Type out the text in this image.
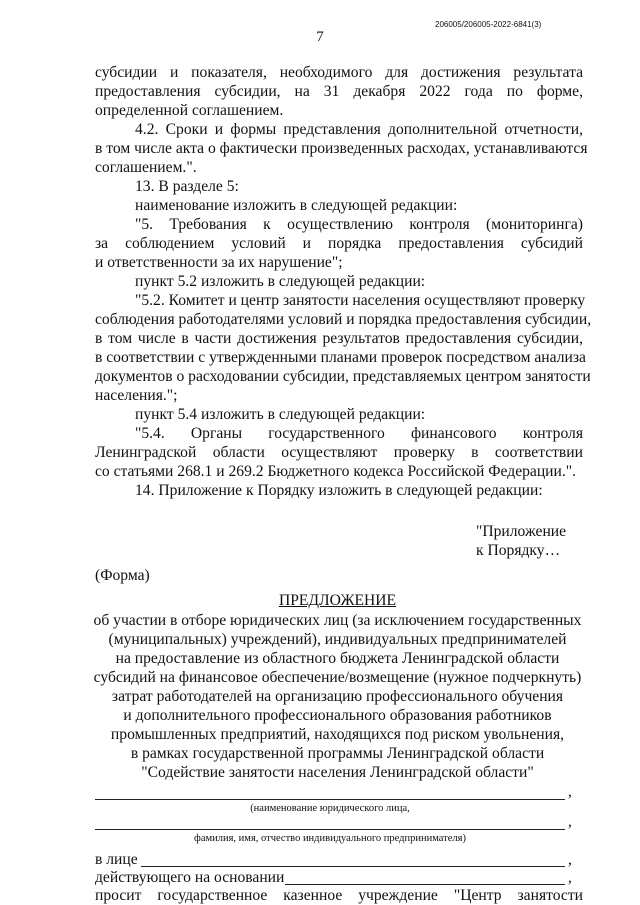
206005/206005-2022-6841(3)
7
субсидии и показателя, необходимого для достижения результата
предоставления субсидии, на 31 декабря 2022 года по форме,
определенной соглашением.
4.2. Сроки и формы представления дополнительной отчетности,
в том числе акта о фактически произведенных расходах, устанавливаются
соглашением.".
13. В разделе 5:
наименование изложить в следующей редакции:
"5. Требования к осуществлению контроля (мониторинга)
за соблюдением условий и порядка предоставления субсидий
и ответственности за их нарушение";
пункт 5.2 изложить в следующей редакции:
"5.2. Комитет и центр занятости населения осуществляют проверку
соблюдения работодателями условий и порядка предоставления субсидии,
в том числе в части достижения результатов предоставления субсидии,
в соответствии с утвержденными планами проверок посредством анализа
документов о расходовании субсидии, представляемых центром занятости
населения.";
пункт 5.4 изложить в следующей редакции:
"5.4. Органы государственного финансового контроля
Ленинградской области осуществляют проверку в соответствии
со статьями 268.1 и 269.2 Бюджетного кодекса Российской Федерации.".
14. Приложение к Порядку изложить в следующей редакции:
"Приложение
к Порядку…
(Форма)
ПРЕДЛОЖЕНИЕ
об участии в отборе юридических лиц (за исключением государственных
(муниципальных) учреждений), индивидуальных предпринимателей
на предоставление из областного бюджета Ленинградской области
субсидий на финансовое обеспечение/возмещение (нужное подчеркнуть)
затрат работодателей на организацию профессионального обучения
и дополнительного профессионального образования работников
промышленных предприятий, находящихся под риском увольнения,
в рамках государственной программы Ленинградской области
"Содействие занятости населения Ленинградской области"
,
(наименование юридического лица,
,
фамилия, имя, отчество индивидуального предпринимателя)
в лице	,
действующего на основании	,
просит государственное казенное учреждение "Центр занятости
